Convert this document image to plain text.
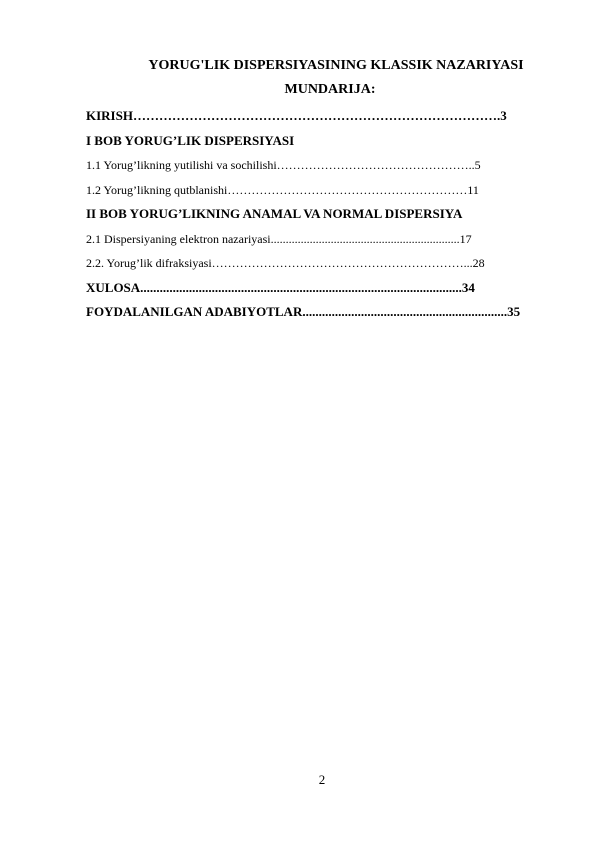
YORUG'LIK DISPERSIYASINING KLASSIK NAZARIYASI
MUNDARIJA:
KIRISH………………………………………………………………………….3
I BOB YORUG’LIK DISPERSIYASI
1.1 Yorug’likning yutilishi va sochilishi…………………………………………..5
1.2 Yorug’likning qutblanishi……………………………………………………11
II BOB YORUG’LIKNING ANAMAL VA NORMAL DISPERSIYA
2.1 Dispersiyaning elektron nazariyasi...............................................................17
2.2. Yorug’lik difraksiyasi………………………………………………………...28
XULOSA...................................................................................................34
FOYDALANILGAN ADABIYOTLAR...............................................................35
2
